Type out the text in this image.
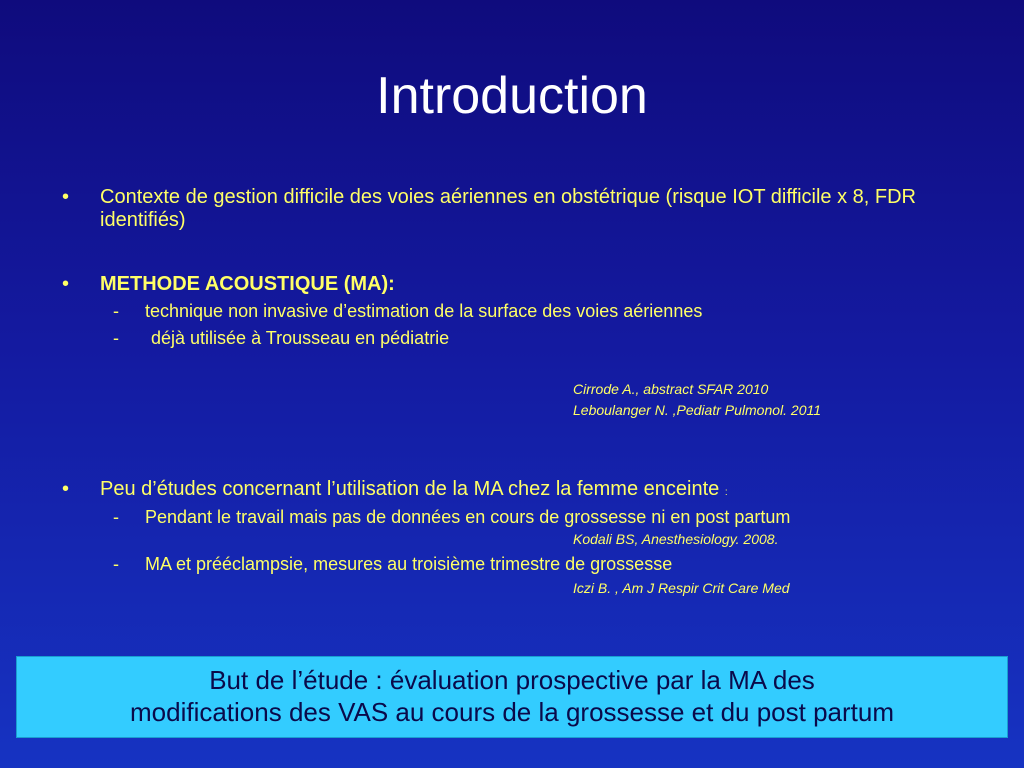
Introduction
•	Contexte de gestion difficile des voies aériennes en obstétrique (risque IOT difficile x 8, FDR identifiés)
•	METHODE ACOUSTIQUE (MA):
- technique non invasive d’estimation de la surface des voies aériennes
- déjà utilisée à Trousseau en pédiatrie
Cirrode A., abstract SFAR 2010
Leboulanger N. ,Pediatr Pulmonol. 2011
•	Peu d’études concernant l’utilisation de la MA chez la femme enceinte :
- Pendant le travail mais pas de données en cours de grossesse ni en post partum
Kodali BS, Anesthesiology. 2008.
- MA et prééclampsie, mesures au troisième trimestre de grossesse
Iczi B. , Am J Respir Crit Care Med
But de l’étude : évaluation prospective par la MA des
modifications des VAS au cours de la grossesse et du post partum
